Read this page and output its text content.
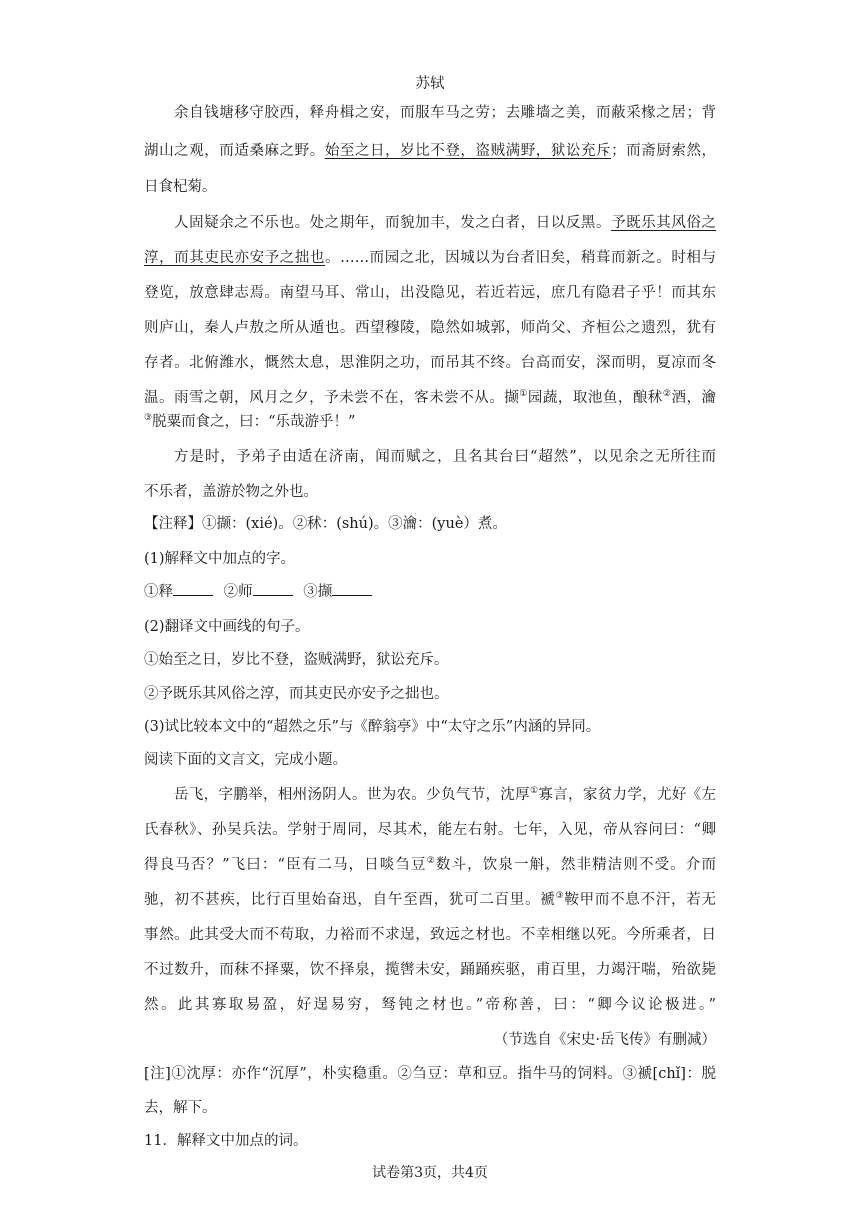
苏轼
余自钱塘移守胶西，释舟楫之安，而服车马之劳；去雕墙之美，而蔽采椽之居；背
湖山之观，而适桑麻之野。始至之日，岁比不登，盗贼满野，狱讼充斥；而斋厨索然，
日食杞菊。
人固疑余之不乐也。处之期年，而貌加丰，发之白者，日以反黑。予既乐其风俗之
淳，而其吏民亦安予之拙也。……而园之北，因城以为台者旧矣，稍葺而新之。时相与
登览，放意肆志焉。南望马耳、常山，出没隐见，若近若远，庶几有隐君子乎！而其东
则庐山，秦人卢敖之所从遁也。西望穆陵，隐然如城郭，师尚父、齐桓公之遗烈，犹有
存者。北俯潍水，慨然太息，思淮阴之功，而吊其不终。台高而安，深而明，夏凉而冬
温。雨雪之朝，风月之夕，予未尝不在，客未尝不从。撷①园蔬，取池鱼，酿秫②酒，瀹
③脱粟而食之，曰：“乐哉游乎！”
方是时，予弟子由适在济南，闻而赋之，且名其台曰“超然”，以见余之无所往而
不乐者，盖游於物之外也。
【注释】①撷：(xié)。②秫：(shú)。③瀹：(yuè）煮。
(1)解释文中加点的字。
①释	②师	③撷
(2)翻译文中画线的句子。
①始至之日，岁比不登，盗贼满野，狱讼充斥。
②予既乐其风俗之淳，而其吏民亦安予之拙也。
(3)试比较本文中的“超然之乐”与《醉翁亭》中“太守之乐”内涵的异同。
阅读下面的文言文，完成小题。
岳飞，字鹏举，相州汤阴人。世为农。少负气节，沈厚①寡言，家贫力学，尤好《左
氏春秋》、孙吴兵法。学射于周同，尽其术，能左右射。七年，入见，帝从容问曰：“卿
得良马否？”飞曰：“臣有二马，日啖刍豆②数斗，饮泉一斛，然非精洁则不受。介而
驰，初不甚疾，比行百里始奋迅，自午至酉，犹可二百里。褫③鞍甲而不息不汗，若无
事然。此其受大而不苟取，力裕而不求逞，致远之材也。不幸相继以死。今所乘者，日
不过数升，而秣不择粟，饮不择泉，揽辔未安，踊踊疾驱，甫百里，力竭汗喘，殆欲毙
然。此其寡取易盈，好逞易穷，驽钝之材也。”帝称善，曰：“卿今议论极进。”
（节选自《宋史·岳飞传》有删减）
[注]①沈厚：亦作“沉厚”，朴实稳重。②刍豆：草和豆。指牛马的饲料。③褫[chǐ]：脱
去，解下。
11．解释文中加点的词。
试卷第3页，共4页
